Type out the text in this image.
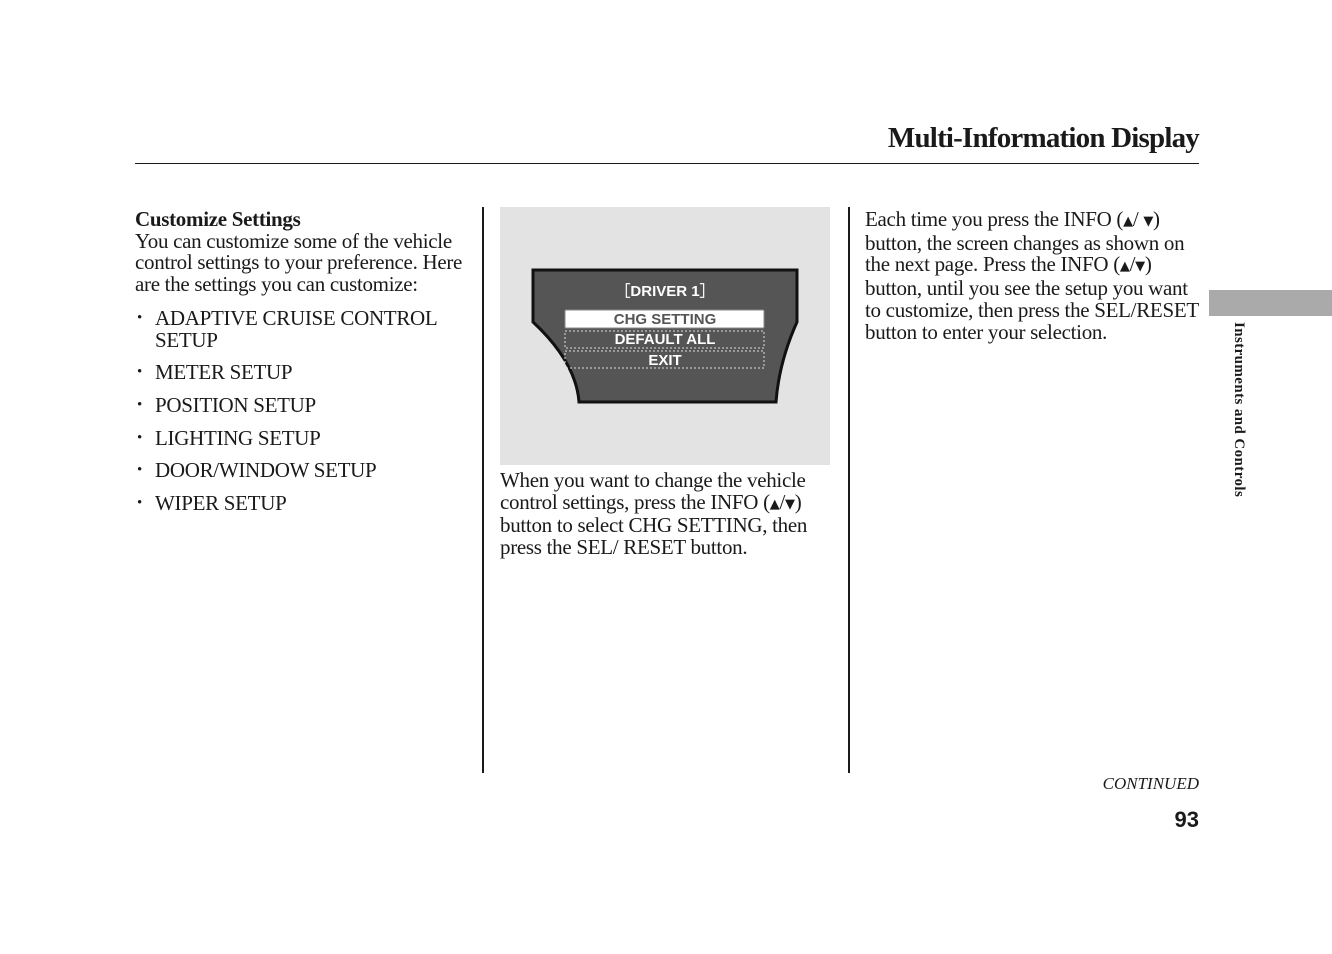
Multi-Information Display
Customize Settings
You can customize some of the vehicle control settings to your preference. Here are the settings you can customize:
• ADAPTIVE CRUISE CONTROL SETUP
• METER SETUP
• POSITION SETUP
• LIGHTING SETUP
• DOOR/WINDOW SETUP
• WIPER SETUP
［DRIVER 1］
CHG SETTING
DEFAULT ALL
EXIT
When you want to change the vehicle control settings, press the INFO (▲/▼) button to select CHG SETTING, then press the SEL/ RESET button.
Each time you press the INFO (▲/ ▼) button, the screen changes as shown on the next page. Press the INFO (▲/▼) button, until you see the setup you want to customize, then press the SEL/RESET button to enter your selection.	Instruments and Controls
CONTINUED
93
